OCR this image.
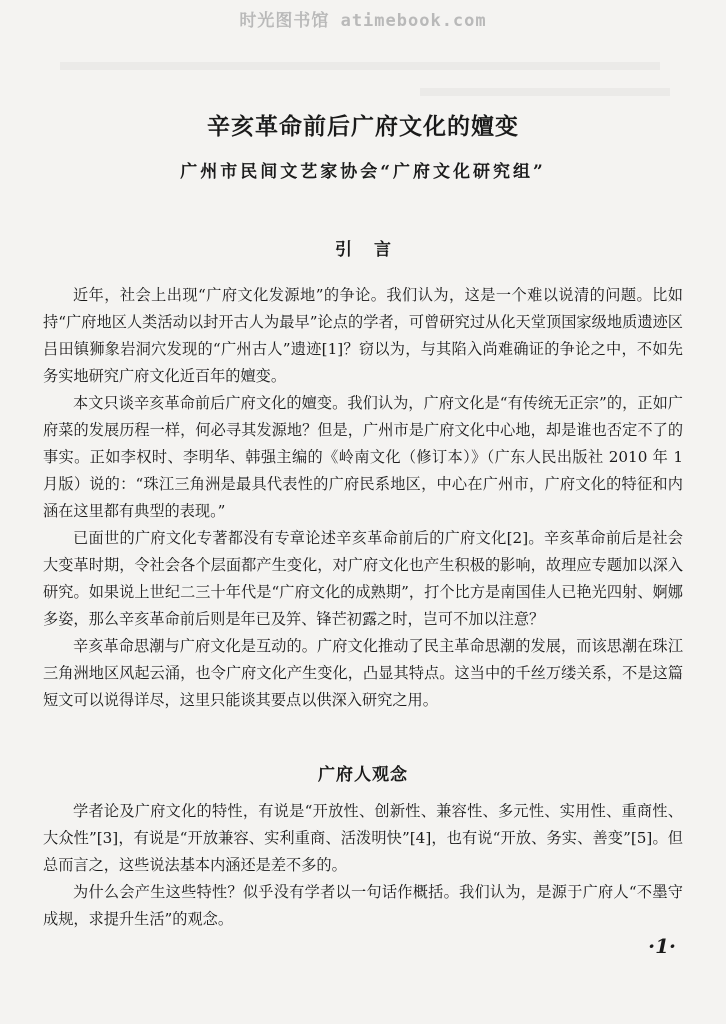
时光图书馆 atimebook.com
辛亥革命前后广府文化的嬗变
广州市民间文艺家协会“广府文化研究组”
引言

近年，社会上出现“广府文化发源地”的争论。我们认为，这是一个难以说清的问题。比如持“广府地区人类活动以封开古人为最早”论点的学者，可曾研究过从化天堂顶国家级地质遗迹区吕田镇狮象岩洞穴发现的“广州古人”遗迹[1]？窃以为，与其陷入尚难确证的争论之中，不如先务实地研究广府文化近百年的嬗变。

本文只谈辛亥革命前后广府文化的嬗变。我们认为，广府文化是“有传统无正宗”的，正如广府菜的发展历程一样，何必寻其发源地？但是，广州市是广府文化中心地，却是谁也否定不了的事实。正如李权时、李明华、韩强主编的《岭南文化（修订本）》（广东人民出版社 2010 年 1 月版）说的：“珠江三角洲是最具代表性的广府民系地区，中心在广州市，广府文化的特征和内涵在这里都有典型的表现。”

已面世的广府文化专著都没有专章论述辛亥革命前后的广府文化[2]。辛亥革命前后是社会大变革时期，令社会各个层面都产生变化，对广府文化也产生积极的影响，故理应专题加以深入研究。如果说上世纪二三十年代是“广府文化的成熟期”，打个比方是南国佳人已艳光四射、婀娜多姿，那么辛亥革命前后则是年已及笄、锋芒初露之时，岂可不加以注意？

辛亥革命思潮与广府文化是互动的。广府文化推动了民主革命思潮的发展，而该思潮在珠江三角洲地区风起云涌，也令广府文化产生变化，凸显其特点。这当中的千丝万缕关系，不是这篇短文可以说得详尽，这里只能谈其要点以供深入研究之用。

广府人观念

学者论及广府文化的特性，有说是“开放性、创新性、兼容性、多元性、实用性、重商性、大众性”[3]，有说是“开放兼容、实利重商、活泼明快”[4]，也有说“开放、务实、善变”[5]。但总而言之，这些说法基本内涵还是差不多的。

为什么会产生这些特性？似乎没有学者以一句话作概括。我们认为，是源于广府人“不墨守成规，求提升生活”的观念。

·1·
